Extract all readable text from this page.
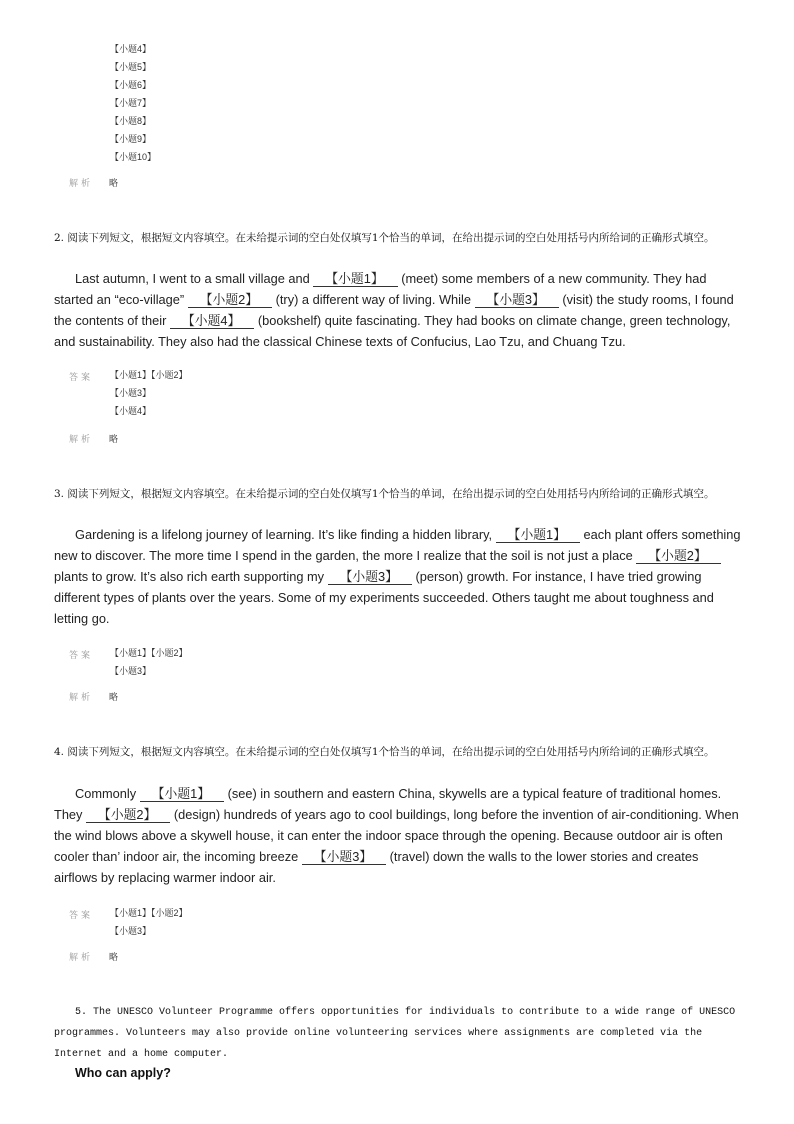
【小题4】
【小题5】
【小题6】
【小题7】
【小题8】
【小题9】
【小题10】
解析 略
2. 阅读下列短文，根据短文内容填空。在未给提示词的空白处仅填写1个恰当的单词，在给出提示词的空白处用括号内所给词的正确形式填空。
Last autumn, I went to a small village and 【小题1】 (meet) some members of a new community. They had started an “eco-village” 【小题2】 (try) a different way of living. While 【小题3】 (visit) the study rooms, I found the contents of their 【小题4】 (bookshelf) quite fascinating. They had books on climate change, green technology, and sustainability. They also had the classical Chinese texts of Confucius, Lao Tzu, and Chuang Tzu.
答案 【小题1】【小题2】
【小题3】
【小题4】
解析 略
3. 阅读下列短文，根据短文内容填空。在未给提示词的空白处仅填写1个恰当的单词，在给出提示词的空白处用括号内所给词的正确形式填空。
Gardening is a lifelong journey of learning. It’s like finding a hidden library, 【小题1】 each plant offers something new to discover. The more time I spend in the garden, the more I realize that the soil is not just a place 【小题2】 plants to grow. It’s also rich earth supporting my 【小题3】 (person) growth. For instance, I have tried growing different types of plants over the years. Some of my experiments succeeded. Others taught me about toughness and letting go.
答案 【小题1】【小题2】
【小题3】
解析 略
4. 阅读下列短文，根据短文内容填空。在未给提示词的空白处仅填写1个恰当的单词，在给出提示词的空白处用括号内所给词的正确形式填空。
Commonly 【小题1】 (see) in southern and eastern China, skywells are a typical feature of traditional homes. They 【小题2】 (design) hundreds of years ago to cool buildings, long before the invention of air-conditioning. When the wind blows above a skywell house, it can enter the indoor space through the opening. Because outdoor air is often cooler than’ indoor air, the incoming breeze 【小题3】 (travel) down the walls to the lower stories and creates airflows by replacing warmer indoor air.
答案 【小题1】【小题2】
【小题3】
解析 略
5. The UNESCO Volunteer Programme offers opportunities for individuals to contribute to a wide range of UNESCO programmes. Volunteers may also provide online volunteering services where assignments are completed via the Internet and a home computer.
Who can apply?
